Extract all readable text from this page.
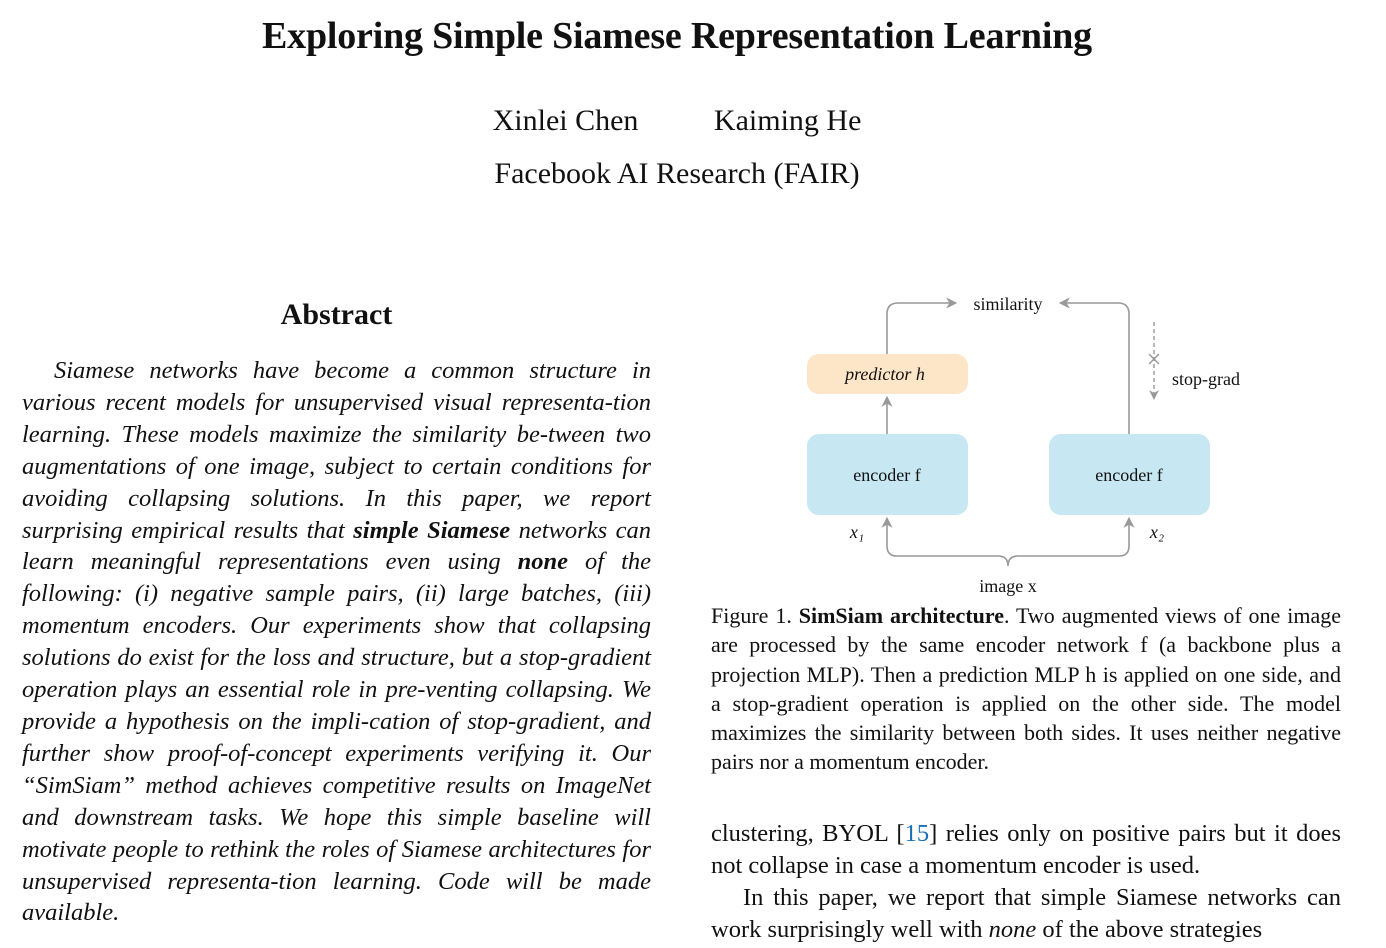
Exploring Simple Siamese Representation Learning
Xinlei Chen	Kaiming He
Facebook AI Research (FAIR)
Abstract

Siamese networks have become a common structure in various recent models for unsupervised visual representa-tion learning. These models maximize the similarity be-tween two augmentations of one image, subject to certain conditions for avoiding collapsing solutions. In this paper, we report surprising empirical results that simple Siamese networks can learn meaningful representations even using none of the following: (i) negative sample pairs, (ii) large batches, (iii) momentum encoders. Our experiments show that collapsing solutions do exist for the loss and structure, but a stop-gradient operation plays an essential role in pre-venting collapsing. We provide a hypothesis on the impli-cation of stop-gradient, and further show proof-of-concept experiments verifying it. Our “SimSiam” method achieves competitive results on ImageNet and downstream tasks. We hope this simple baseline will motivate people to rethink the roles of Siamese architectures for unsupervised representa-tion learning. Code will be made available.

similarity
stop-grad
predictor h
encoder f	encoder f
x₁	x₂
image x

Figure 1. SimSiam architecture. Two augmented views of one image are processed by the same encoder network f (a backbone plus a projection MLP). Then a prediction MLP h is applied on one side, and a stop-gradient operation is applied on the other side. The model maximizes the similarity between both sides. It uses neither negative pairs nor a momentum encoder.

clustering, BYOL [15] relies only on positive pairs but it does not collapse in case a momentum encoder is used.

In this paper, we report that simple Siamese networks can work surprisingly well with none of the above strategies
